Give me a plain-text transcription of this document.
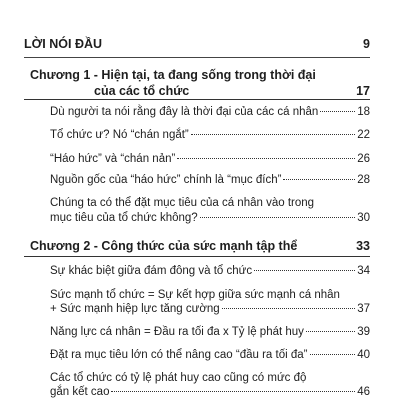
LỜI NÓI ĐẦU	9
Chương 1 - Hiện tại, ta đang sống trong thời đại
của các tổ chức	17
Dù người ta nói rằng đây là thời đại của các cá nhân	18
Tổ chức ư? Nó “chán ngắt”	22
“Háo hức” và “chán nản”	26
Nguồn gốc của “háo hức” chính là “mục đích”	28
Chúng ta có thể đặt mục tiêu của cá nhân vào trong
mục tiêu của tổ chức không?	30
Chương 2 - Công thức của sức mạnh tập thể	33
Sự khác biệt giữa đám đông và tổ chức	34
Sức mạnh tổ chức = Sự kết hợp giữa sức mạnh cá nhân
+ Sức mạnh hiệp lực tăng cường	37
Năng lực cá nhân = Đầu ra tối đa x Tỷ lệ phát huy	39
Đặt ra mục tiêu lớn có thể nâng cao “đầu ra tối đa”	40
Các tổ chức có tỷ lệ phát huy cao cũng có mức độ
gắn kết cao	46
